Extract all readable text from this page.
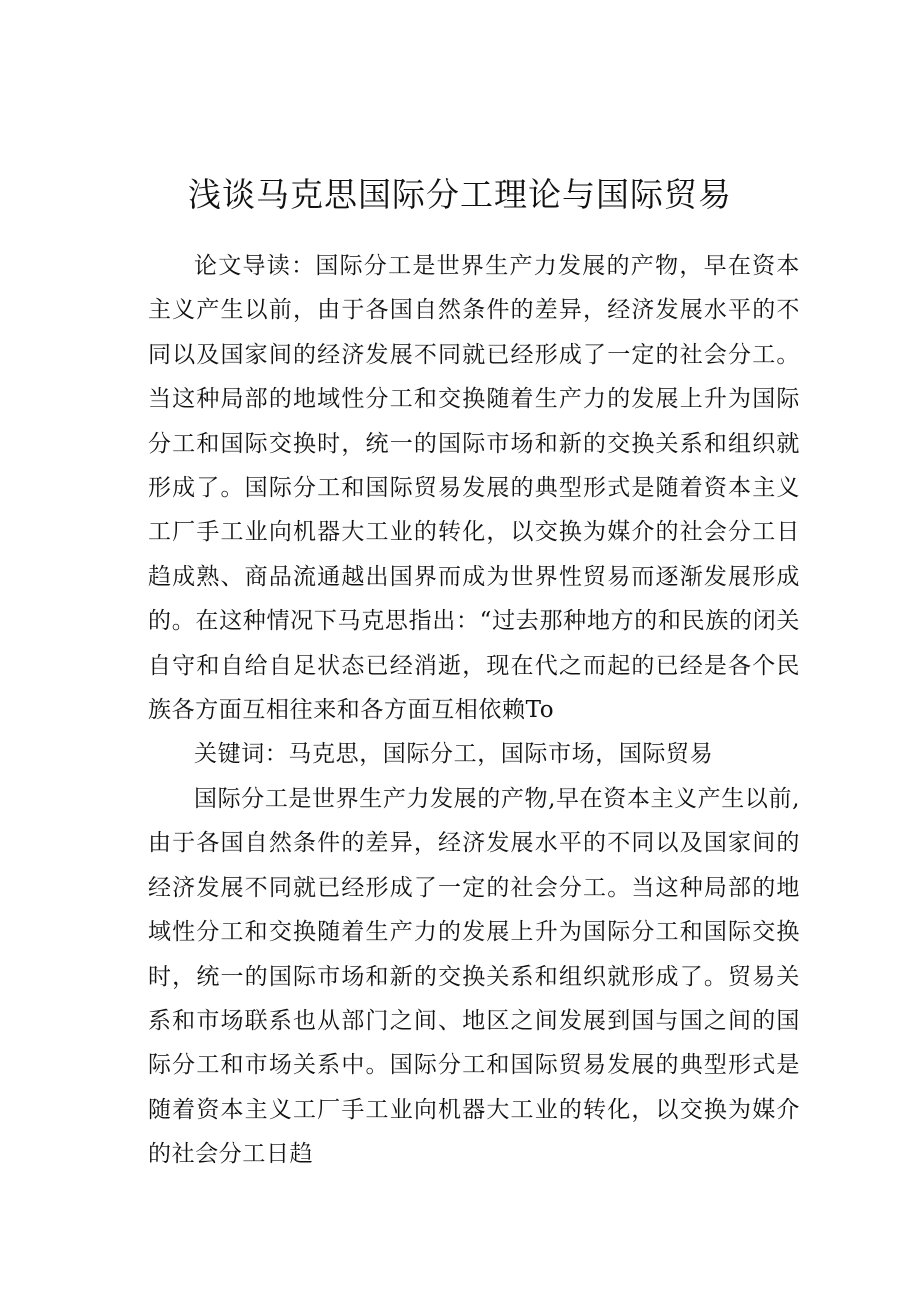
浅谈马克思国际分工理论与国际贸易

论文导读：国际分工是世界生产力发展的产物，早在资本主义产生以前，由于各国自然条件的差异，经济发展水平的不同以及国家间的经济发展不同就已经形成了一定的社会分工。当这种局部的地域性分工和交换随着生产力的发展上升为国际分工和国际交换时，统一的国际市场和新的交换关系和组织就形成了。国际分工和国际贸易发展的典型形式是随着资本主义工厂手工业向机器大工业的转化，以交换为媒介的社会分工日趋成熟、商品流通越出国界而成为世界性贸易而逐渐发展形成的。在这种情况下马克思指出：“过去那种地方的和民族的闭关自守和自给自足状态已经消逝，现在代之而起的已经是各个民族各方面互相往来和各方面互相依赖To

关键词：马克思，国际分工，国际市场，国际贸易

国际分工是世界生产力发展的产物,早在资本主义产生以前,由于各国自然条件的差异，经济发展水平的不同以及国家间的经济发展不同就已经形成了一定的社会分工。当这种局部的地域性分工和交换随着生产力的发展上升为国际分工和国际交换时，统一的国际市场和新的交换关系和组织就形成了。贸易关系和市场联系也从部门之间、地区之间发展到国与国之间的国际分工和市场关系中。国际分工和国际贸易发展的典型形式是随着资本主义工厂手工业向机器大工业的转化，以交换为媒介的社会分工日趋
